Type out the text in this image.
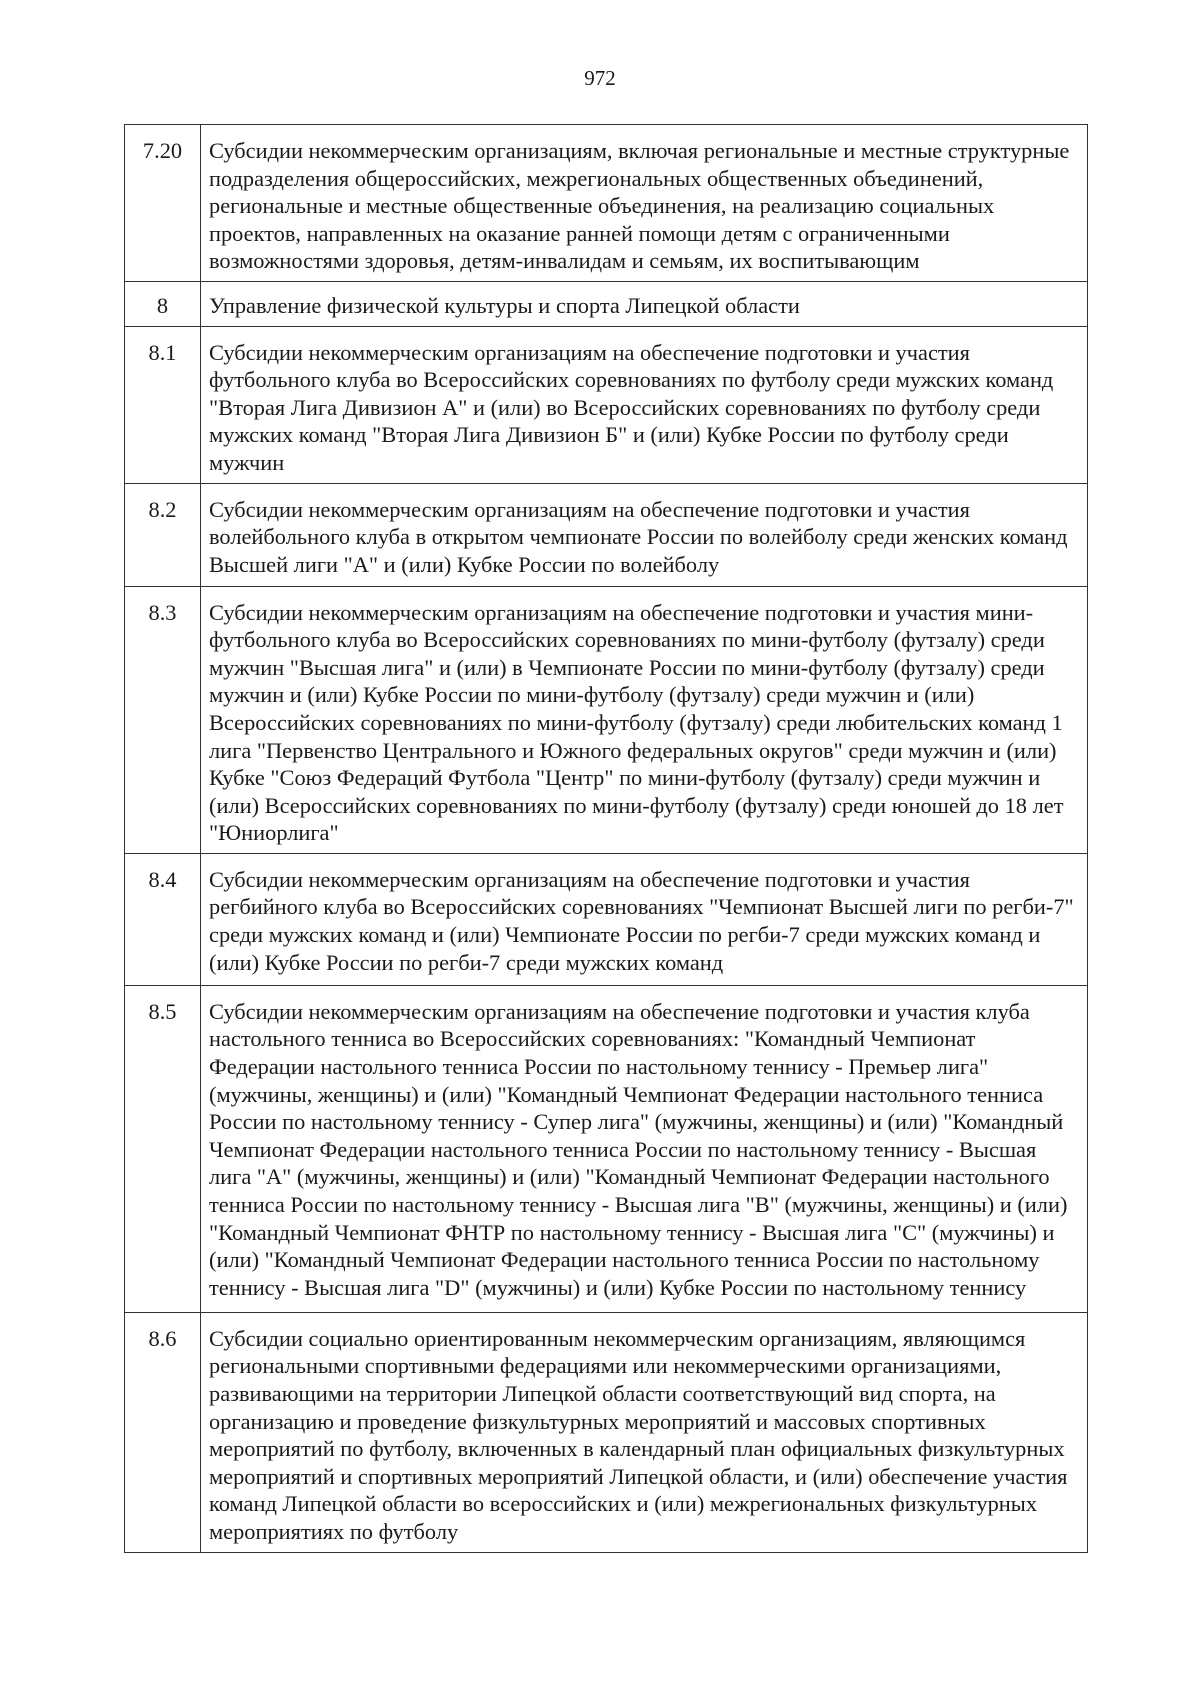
972
7.20	Субсидии некоммерческим организациям, включая региональные и местные структурные подразделения общероссийских, межрегиональных общественных объединений, региональные и местные общественные объединения, на реализацию социальных проектов, направленных на оказание ранней помощи детям с ограниченными возможностями здоровья, детям-инвалидам и семьям, их воспитывающим
8	Управление физической культуры и спорта Липецкой области
8.1	Субсидии некоммерческим организациям на обеспечение подготовки и участия футбольного клуба во Всероссийских соревнованиях по футболу среди мужских команд "Вторая Лига Дивизион А" и (или) во Всероссийских соревнованиях по футболу среди мужских команд "Вторая Лига Дивизион Б" и (или) Кубке России по футболу среди мужчин
8.2	Субсидии некоммерческим организациям на обеспечение подготовки и участия волейбольного клуба в открытом чемпионате России по волейболу среди женских команд Высшей лиги "А" и (или) Кубке России по волейболу
8.3	Субсидии некоммерческим организациям на обеспечение подготовки и участия мини-футбольного клуба во Всероссийских соревнованиях по мини-футболу (футзалу) среди мужчин "Высшая лига" и (или) в Чемпионате России по мини-футболу (футзалу) среди мужчин и (или) Кубке России по мини-футболу (футзалу) среди мужчин и (или) Всероссийских соревнованиях по мини-футболу (футзалу) среди любительских команд 1 лига "Первенство Центрального и Южного федеральных округов" среди мужчин и (или) Кубке "Союз Федераций Футбола "Центр" по мини-футболу (футзалу) среди мужчин и (или) Всероссийских соревнованиях по мини-футболу (футзалу) среди юношей до 18 лет "Юниорлига"
8.4	Субсидии некоммерческим организациям на обеспечение подготовки и участия регбийного клуба во Всероссийских соревнованиях "Чемпионат Высшей лиги по регби-7" среди мужских команд и (или) Чемпионате России по регби-7 среди мужских команд и (или) Кубке России по регби-7 среди мужских команд
8.5	Субсидии некоммерческим организациям на обеспечение подготовки и участия клуба настольного тенниса во Всероссийских соревнованиях: "Командный Чемпионат Федерации настольного тенниса России по настольному теннису - Премьер лига" (мужчины, женщины) и (или) "Командный Чемпионат Федерации настольного тенниса России по настольному теннису - Супер лига" (мужчины, женщины) и (или) "Командный Чемпионат Федерации настольного тенниса России по настольному теннису - Высшая лига "А" (мужчины, женщины) и (или) "Командный Чемпионат Федерации настольного тенниса России по настольному теннису - Высшая лига "В" (мужчины, женщины) и (или) "Командный Чемпионат ФНТР по настольному теннису - Высшая лига "С" (мужчины) и (или) "Командный Чемпионат Федерации настольного тенниса России по настольному теннису - Высшая лига "D" (мужчины) и (или) Кубке России по настольному теннису
8.6	Субсидии социально ориентированным некоммерческим организациям, являющимся региональными спортивными федерациями или некоммерческими организациями, развивающими на территории Липецкой области соответствующий вид спорта, на организацию и проведение физкультурных мероприятий и массовых спортивных мероприятий по футболу, включенных в календарный план официальных физкультурных мероприятий и спортивных мероприятий Липецкой области, и (или) обеспечение участия команд Липецкой области во всероссийских и (или) межрегиональных физкультурных мероприятиях по футболу
